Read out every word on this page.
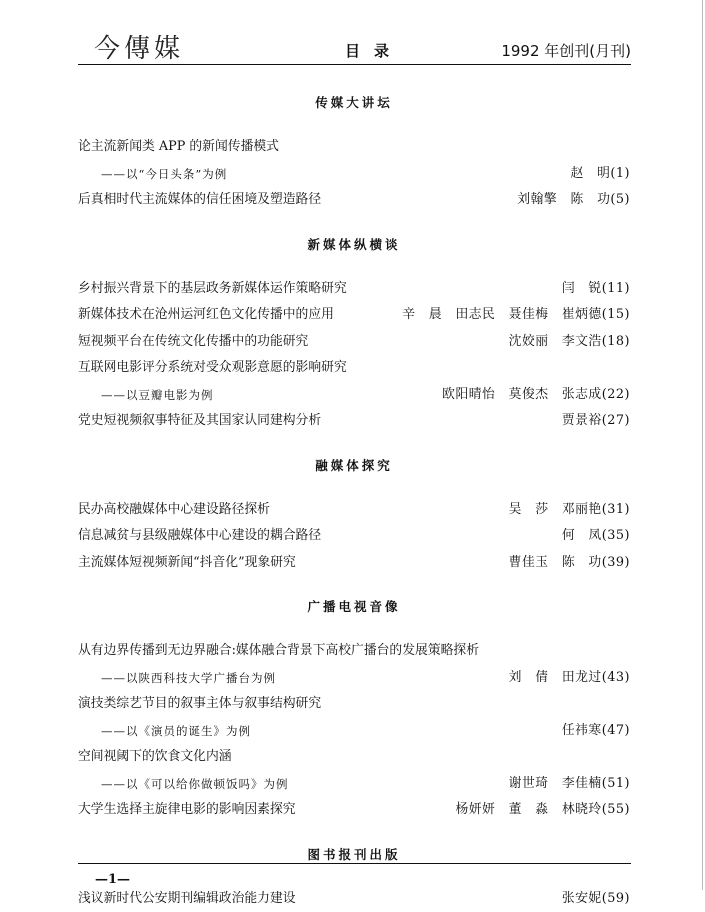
今傳媒	目录	1992 年创刊(月刊)
传媒大讲坛
论主流新闻类 APP 的新闻传播模式
——以“今日头条”为例	赵　明(1)
后真相时代主流媒体的信任困境及塑造路径	刘翰擎　陈　功(5)
新媒体纵横谈
乡村振兴背景下的基层政务新媒体运作策略研究	闫　锐(11)
新媒体技术在沧州运河红色文化传播中的应用	辛　晨　田志民　聂佳梅　崔炳德(15)
短视频平台在传统文化传播中的功能研究	沈姣丽　李文浩(18)
互联网电影评分系统对受众观影意愿的影响研究
——以豆瓣电影为例	欧阳晴怡　莫俊杰　张志成(22)
党史短视频叙事特征及其国家认同建构分析	贾景裕(27)
融媒体探究
民办高校融媒体中心建设路径探析	吴　莎　邓丽艳(31)
信息减贫与县级融媒体中心建设的耦合路径	何　凤(35)
主流媒体短视频新闻“抖音化”现象研究	曹佳玉　陈　功(39)
广播电视音像
从有边界传播到无边界融合:媒体融合背景下高校广播台的发展策略探析
——以陕西科技大学广播台为例	刘　倩　田龙过(43)
演技类综艺节目的叙事主体与叙事结构研究
——以《演员的诞生》为例	任祎寒(47)
空间视阈下的饮食文化内涵
——以《可以给你做顿饭吗》为例	谢世琦　李佳楠(51)
大学生选择主旋律电影的影响因素探究	杨妍妍　董　淼　林晓玲(55)
图书报刊出版
浅议新时代公安期刊编辑政治能力建设	张安妮(59)
—1—
